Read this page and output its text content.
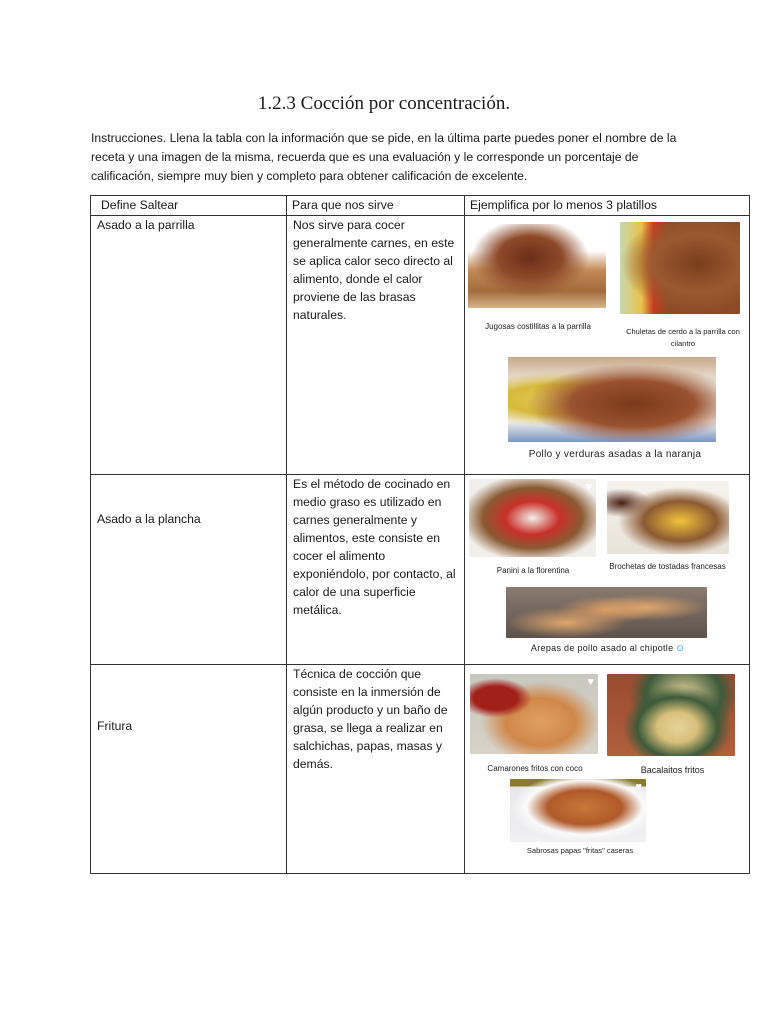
1.2.3 Cocción por concentración.
Instrucciones. Llena la tabla con la información que se pide, en la última parte puedes poner el nombre de la receta y una imagen de la misma, recuerda que es una evaluación y le corresponde un porcentaje de calificación, siempre muy bien y completo para obtener calificación de excelente.
Define Saltear	Para que nos sirve	Ejemplifica por lo menos 3 platillos
Asado a la parrilla	Nos sirve para cocer generalmente carnes, en este se aplica calor seco directo al alimento, donde el calor proviene de las brasas naturales.	Jugosas costillitas a la parrilla
Chuletas de cerdo a la parrilla con cilantro
Pollo y verduras asadas a la naranja

Asado a la plancha	Es el método de cocinado en medio graso es utilizado en carnes generalmente y alimentos, este consiste en cocer el alimento exponiéndolo, por contacto, al calor de una superficie metálica.	♥
Panini a la florentina Brochetas de tostadas francesas
Arepas de pollo asado al chipotle ⊙

Fritura	Técnica de cocción que consiste en la inmersión de algún producto y un baño de grasa, se llega a realizar en salchichas, papas, masas y demás.	♥
Camarones fritos con coco Bacalaitos fritos
♥
Sabrosas papas "fritas" caseras
